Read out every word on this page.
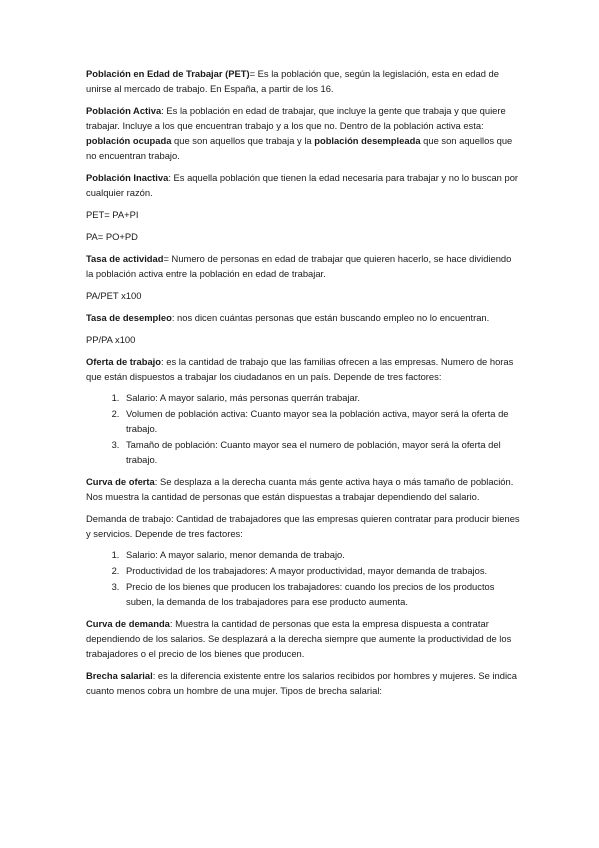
Población en Edad de Trabajar (PET)= Es la población que, según la legislación, esta en edad de unirse al mercado de trabajo. En España, a partir de los 16.

Población Activa: Es la población en edad de trabajar, que incluye la gente que trabaja y que quiere trabajar. Incluye a los que encuentran trabajo y a los que no. Dentro de la población activa esta: población ocupada que son aquellos que trabaja y la población desempleada que son aquellos que no encuentran trabajo.

Población Inactiva: Es aquella población que tienen la edad necesaria para trabajar y no lo buscan por cualquier razón.

PET= PA+PI

PA= PO+PD

Tasa de actividad= Numero de personas en edad de trabajar que quieren hacerlo, se hace dividiendo la población activa entre la población en edad de trabajar.

PA/PET x100

Tasa de desempleo: nos dicen cuántas personas que están buscando empleo no lo encuentran.

PP/PA x100

Oferta de trabajo: es la cantidad de trabajo que las familias ofrecen a las empresas. Numero de horas que están dispuestos a trabajar los ciudadanos en un país. Depende de tres factores:

1. Salario: A mayor salario, más personas querrán trabajar.
2. Volumen de población activa: Cuanto mayor sea la población activa, mayor será la oferta de trabajo.
3. Tamaño de población: Cuanto mayor sea el numero de población, mayor será la oferta del trabajo.

Curva de oferta: Se desplaza a la derecha cuanta más gente activa haya o más tamaño de población. Nos muestra la cantidad de personas que están dispuestas a trabajar dependiendo del salario.

Demanda de trabajo: Cantidad de trabajadores que las empresas quieren contratar para producir bienes y servicios. Depende de tres factores:

1. Salario: A mayor salario, menor demanda de trabajo.
2. Productividad de los trabajadores: A mayor productividad, mayor demanda de trabajos.
3. Precio de los bienes que producen los trabajadores: cuando los precios de los productos suben, la demanda de los trabajadores para ese producto aumenta.

Curva de demanda: Muestra la cantidad de personas que esta la empresa dispuesta a contratar dependiendo de los salarios. Se desplazará a la derecha siempre que aumente la productividad de los trabajadores o el precio de los bienes que producen.

Brecha salarial: es la diferencia existente entre los salarios recibidos por hombres y mujeres. Se indica cuanto menos cobra un hombre de una mujer. Tipos de brecha salarial:
